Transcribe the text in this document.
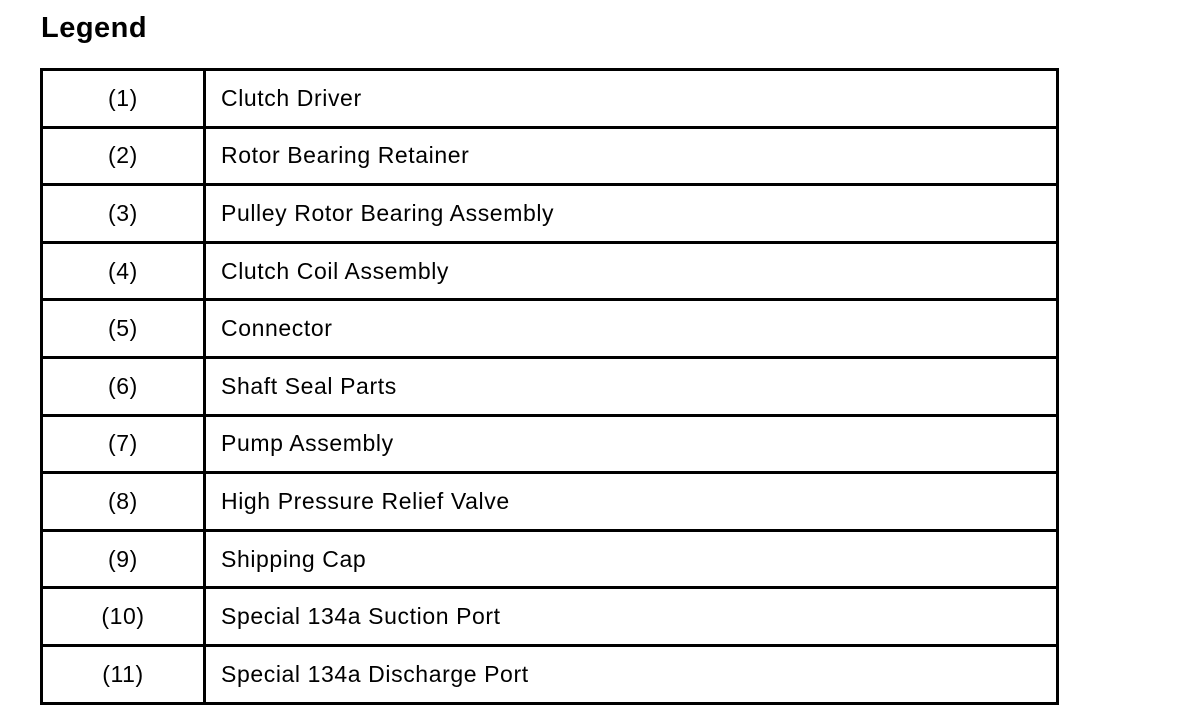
Legend
(1)	Clutch Driver
(2)	Rotor Bearing Retainer
(3)	Pulley Rotor Bearing Assembly
(4)	Clutch Coil Assembly
(5)	Connector
(6)	Shaft Seal Parts
(7)	Pump Assembly
(8)	High Pressure Relief Valve
(9)	Shipping Cap
(10)	Special 134a Suction Port
(11)	Special 134a Discharge Port
